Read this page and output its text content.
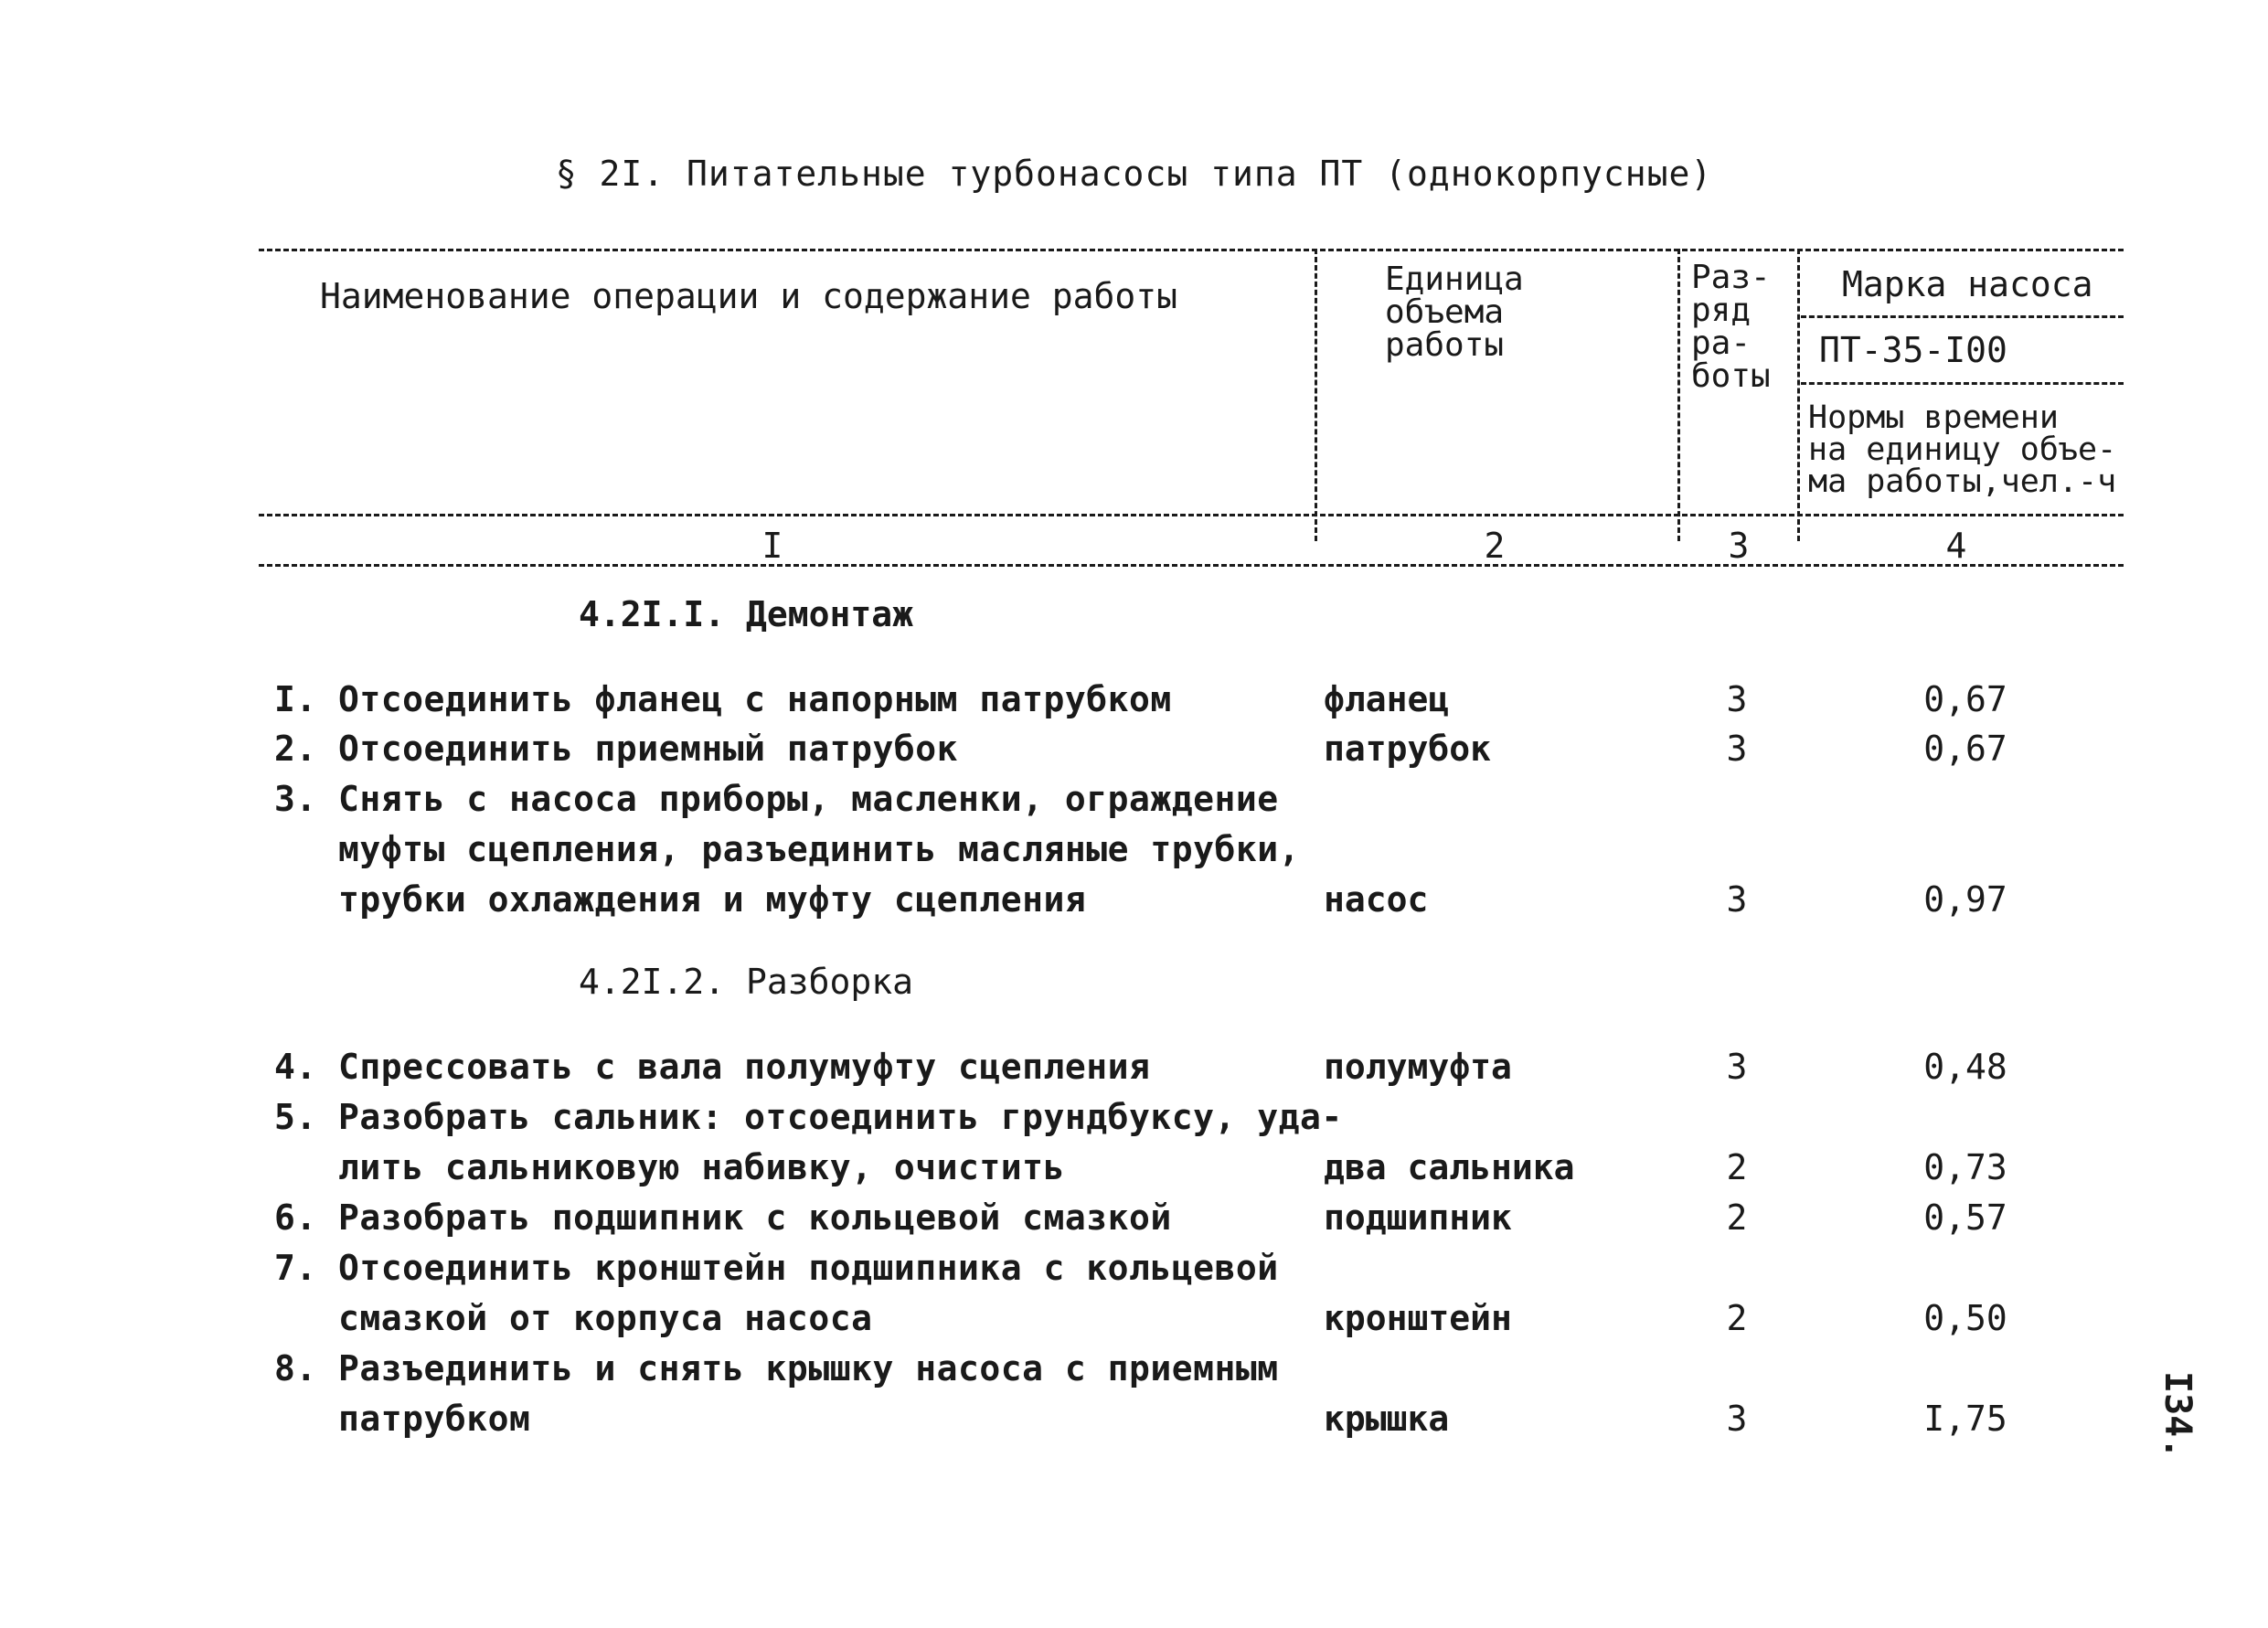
§ 2I. Питательные турбонасосы типа ПТ (однокорпусные)
Наименование операции и содержание работы	Единица
объема
работы
Раз-
ряд
ра-
боты
Марка насоса
ПТ-35-I00
Нормы времени
на единицу объе-
ма работы,чел.-ч
I	2	3	4
4.2I.I. Демонтаж
I. Отсоединить фланец с напорным патрубком	фланец	3	0,67
2. Отсоединить приемный патрубок	патрубок	3	0,67
3. Снять с насоса приборы, масленки, ограждение
муфты сцепления, разъединить масляные трубки,
трубки охлаждения и муфту сцепления	насос	3	0,97
4.2I.2. Разборка
4. Спрессовать с вала полумуфту сцепления	полумуфта	3	0,48
5. Разобрать сальник: отсоединить грундбуксу, уда-
лить сальниковую набивку, очистить	два сальника	2	0,73
6. Разобрать подшипник с кольцевой смазкой	подшипник	2	0,57
7. Отсоединить кронштейн подшипника с кольцевой
смазкой от корпуса насоса	кронштейн	2	0,50
8. Разъединить и снять крышку насоса с приемным
патрубком	крышка	3	I,75	I34.
